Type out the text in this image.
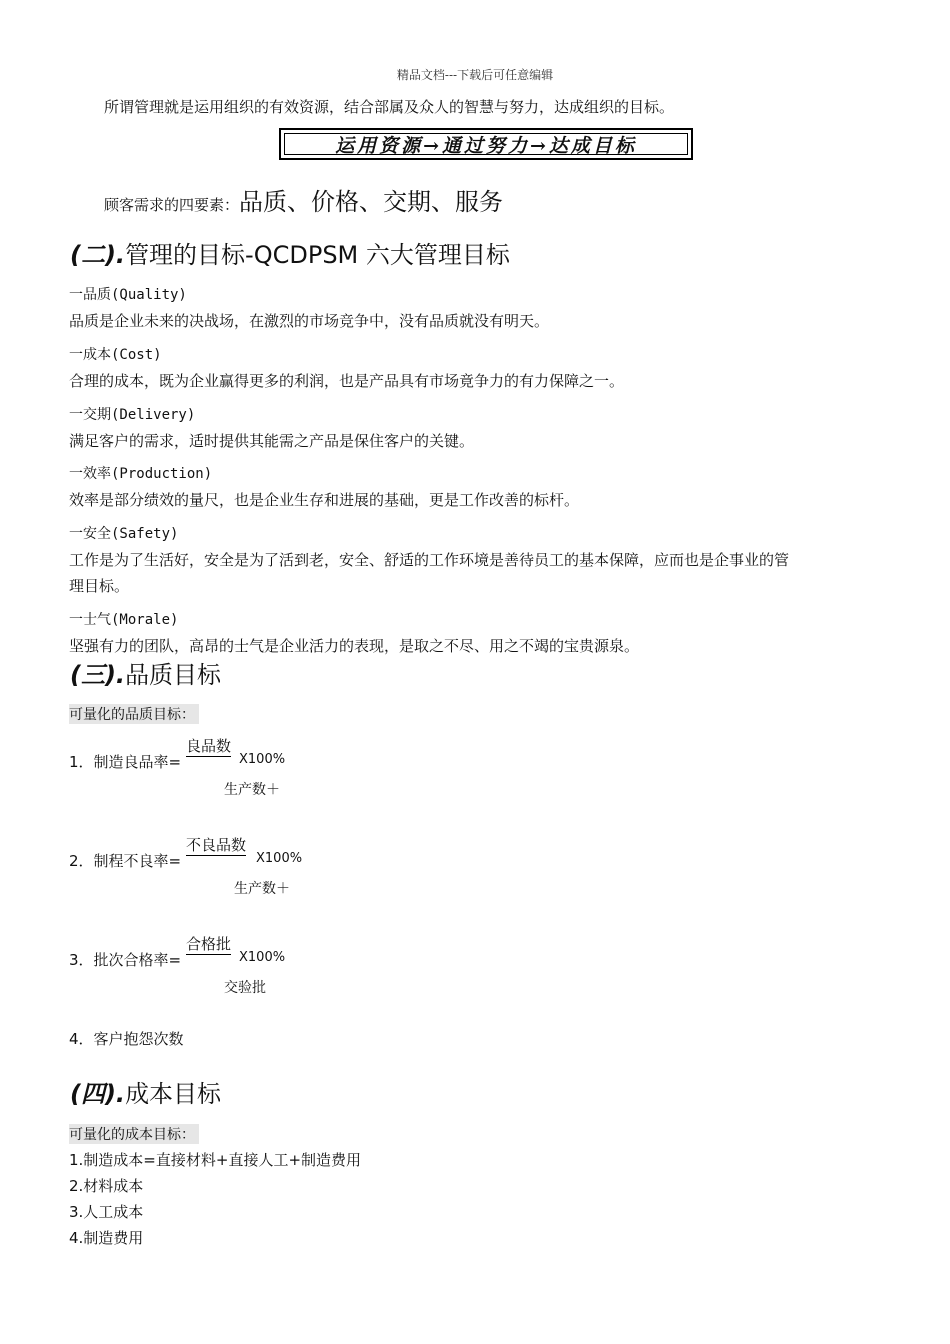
精品文档---下载后可任意编辑
所谓管理就是运用组织的有效资源，结合部属及众人的智慧与努力，达成组织的目标。
运用资源→通过努力→达成目标
顾客需求的四要素：品质、价格、交期、服务
(二).管理的目标-QCDPSM 六大管理目标
一品质(Quality)
品质是企业未来的决战场，在激烈的市场竞争中，没有品质就没有明天。
一成本(Cost)
合理的成本，既为企业赢得更多的利润，也是产品具有市场竟争力的有力保障之一。
一交期(Delivery)
满足客户的需求，适时提供其能需之产品是保住客户的关键。
一效率(Production)
效率是部分绩效的量尺，也是企业生存和进展的基础，更是工作改善的标杆。
一安全(Safety)
工作是为了生活好，安全是为了活到老，安全、舒适的工作环境是善待员工的基本保障，应而也是企事业的管
理目标。
一士气(Morale)
坚强有力的团队，高昂的士气是企业活力的表现，是取之不尽、用之不竭的宝贵源泉。
(三).品质目标
可量化的品质目标：
1．制造良品率=
良品数
X100%
生产数＋
2．制程不良率=
不良品数
X100%
生产数＋
3．批次合格率=
合格批
X100%
交验批
4．客户抱怨次数
(四).成本目标
可量化的成本目标：
1.制造成本=直接材料+直接人工+制造费用
2.材料成本
3.人工成本
4.制造费用
